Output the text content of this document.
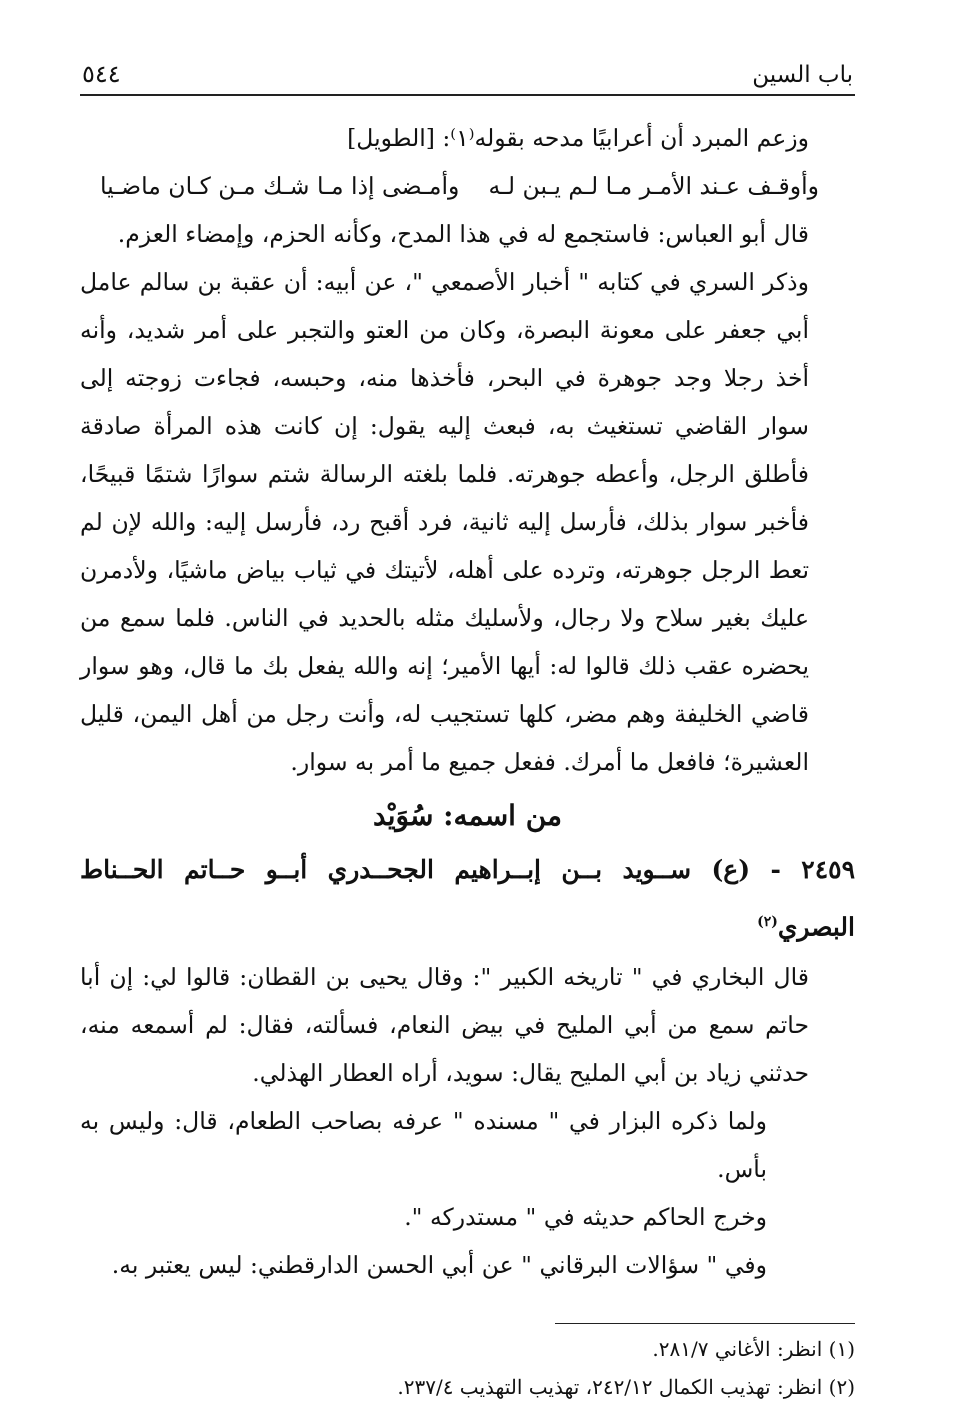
باب السين
٥٤٤

وزعم المبرد أن أعرابيًا مدحه بقوله⁽١⁾: [الطويل]

وأوقـف عـند الأمـر مـا لـم يـبن لـه
وأمـضى إذا مـا شـك مـن كـان ماضـيا

قال أبو العباس: فاستجمع له في هذا المدح، وكأنه الحزم، وإمضاء العزم.

وذكر السري في كتابه " أخبار الأصمعي "، عن أبيه: أن عقبة بن سالم عامل أبي جعفر على معونة البصرة، وكان من العتو والتجبر على أمر شديد، وأنه أخذ رجلا وجد جوهرة في البحر، فأخذها منه، وحبسه، فجاءت زوجته إلى سوار القاضي تستغيث به، فبعث إليه يقول: إن كانت هذه المرأة صادقة فأطلق الرجل، وأعطه جوهرته. فلما بلغته الرسالة شتم سوارًا شتمًا قبيحًا، فأخبر سوار بذلك، فأرسل إليه ثانية، فرد أقبح رد، فأرسل إليه: والله لإن لم تعط الرجل جوهرته، وترده على أهله، لأتيتك في ثياب بياض ماشيًا، ولأدمرن عليك بغير سلاح ولا رجال، ولأسليك مثله بالحديد في الناس. فلما سمع من يحضره عقب ذلك قالوا له: أيها الأمير؛ إنه والله يفعل بك ما قال، وهو سوار قاضي الخليفة وهم مضر، كلها تستجيب له، وأنت رجل من أهل اليمن، قليل العشيرة؛ فافعل ما أمرك. ففعل جميع ما أمر به سوار.

من اسمه: سُوَيْد
٢٤٥٩ - (ع) ســويد بــن إبــراهيم الجحــدري أبــو حــاتم الحــناط البصري$^{(٢)}$

قال البخاري في " تاريخه الكبير ": وقال يحيى بن القطان: قالوا لي: إن أبا حاتم سمع من أبي المليح في بيض النعام، فسألته، فقال: لم أسمعه منه، حدثني زياد بن أبي المليح يقال: سويد، أراه العطار الهذلي.

ولما ذكره البزار في " مسنده " عرفه بصاحب الطعام، قال: وليس به بأس.

وخرج الحاكم حديثه في " مستدركه ".

وفي " سؤالات البرقاني " عن أبي الحسن الدارقطني: ليس يعتبر به.

(١) انظر: الأغاني ٢٨١/٧.

(٢) انظر: تهذيب الكمال ٢٤٢/١٢، تهذيب التهذيب ٢٣٧/٤.
